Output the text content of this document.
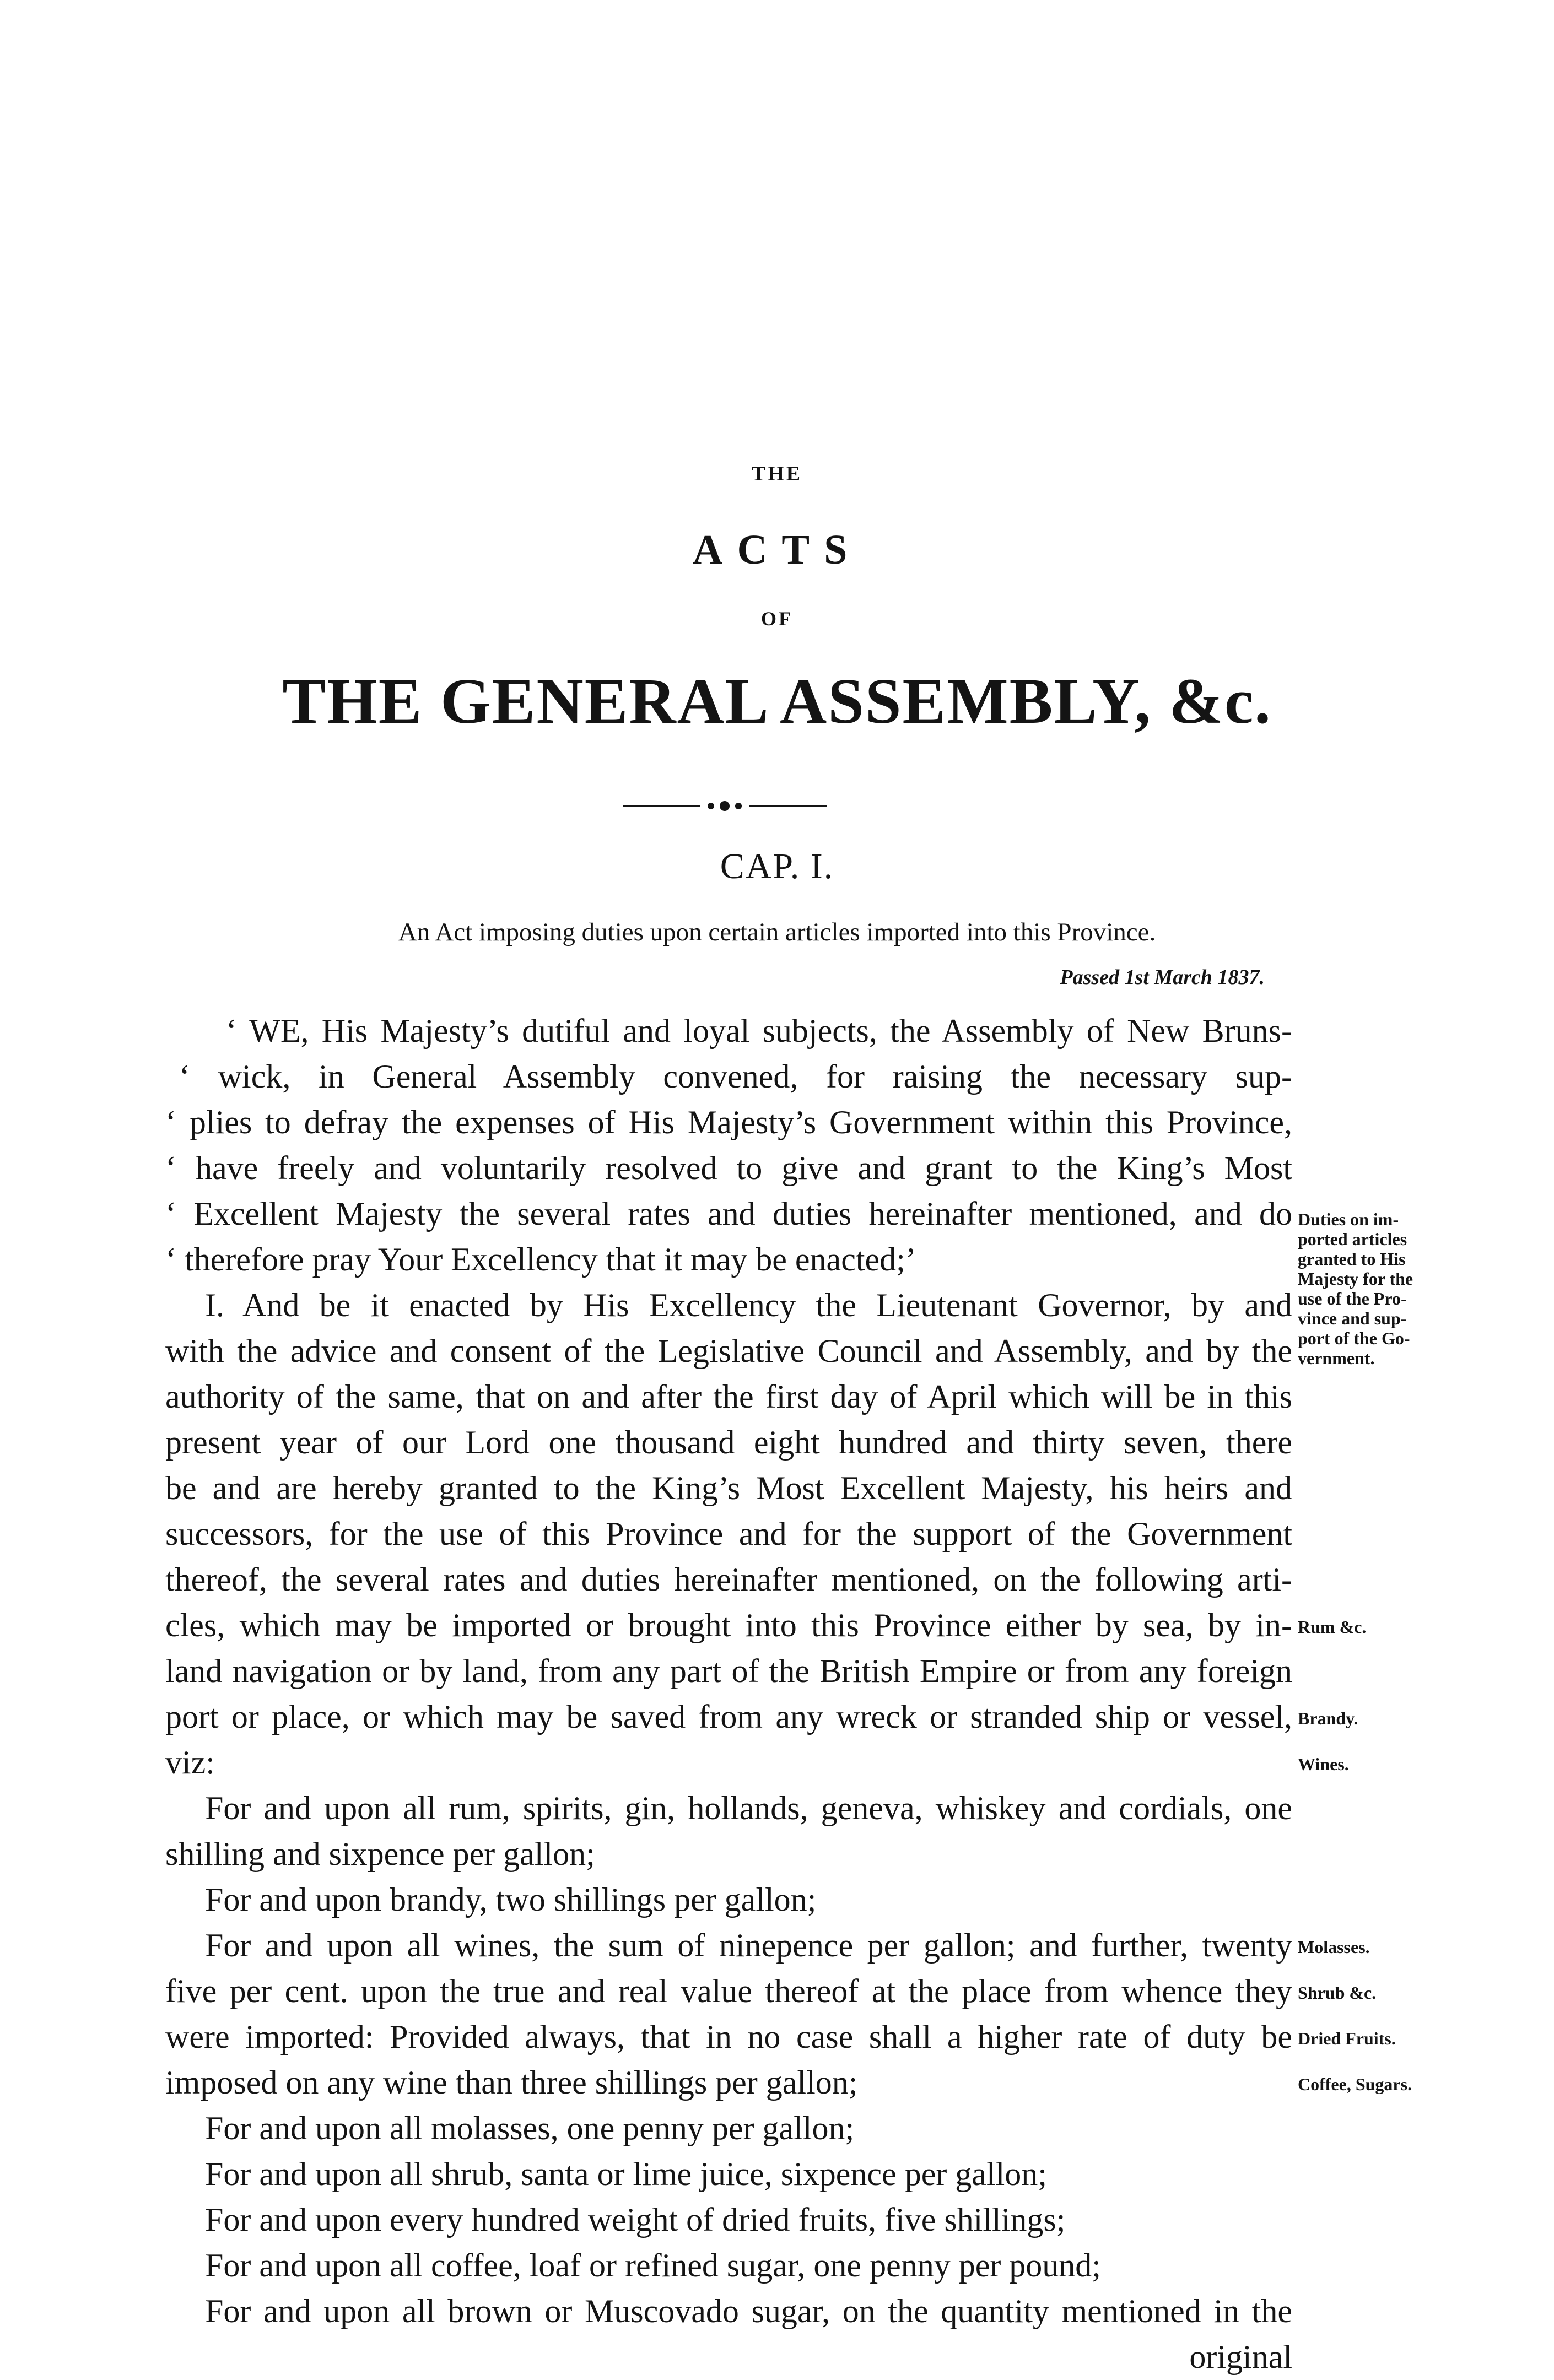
THE
ACTS
OF
THE GENERAL ASSEMBLY, &c.
CAP. I.
An Act imposing duties upon certain articles imported into this Province.
Passed 1st March 1837.
‘ WE, His Majesty’s dutiful and loyal subjects, the Assembly of New Bruns-
‘ wick, in General Assembly convened, for raising the necessary sup-
‘ plies to defray the expenses of His Majesty’s Government within this Province,
‘ have freely and voluntarily resolved to give and grant to the King’s Most
‘ Excellent Majesty the several rates and duties hereinafter mentioned, and do
‘ therefore pray Your Excellency that it may be enacted;’
I. And be it enacted by His Excellency the Lieutenant Governor, by and
with the advice and consent of the Legislative Council and Assembly, and by the
authority of the same, that on and after the first day of April which will be in this
present year of our Lord one thousand eight hundred and thirty seven, there
be and are hereby granted to the King’s Most Excellent Majesty, his heirs and
successors, for the use of this Province and for the support of the Government
thereof, the several rates and duties hereinafter mentioned, on the following arti-
cles, which may be imported or brought into this Province either by sea, by in-
land navigation or by land, from any part of the British Empire or from any foreign
port or place, or which may be saved from any wreck or stranded ship or vessel,
viz:
For and upon all rum, spirits, gin, hollands, geneva, whiskey and cordials, one
shilling and sixpence per gallon;
For and upon brandy, two shillings per gallon;
For and upon all wines, the sum of ninepence per gallon; and further, twenty
five per cent. upon the true and real value thereof at the place from whence they
were imported: Provided always, that in no case shall a higher rate of duty be
imposed on any wine than three shillings per gallon;
For and upon all molasses, one penny per gallon;
For and upon all shrub, santa or lime juice, sixpence per gallon;
For and upon every hundred weight of dried fruits, five shillings;
For and upon all coffee, loaf or refined sugar, one penny per pound;
For and upon all brown or Muscovado sugar, on the quantity mentioned in the
original
Duties on im-
ported articles
granted to His
Majesty for the
use of the Pro-
vince and sup-
port of the Go-
vernment.
Rum &c.
Brandy.
Wines.
Molasses.
Shrub &c.
Dried Fruits.
Coffee, Sugars.
